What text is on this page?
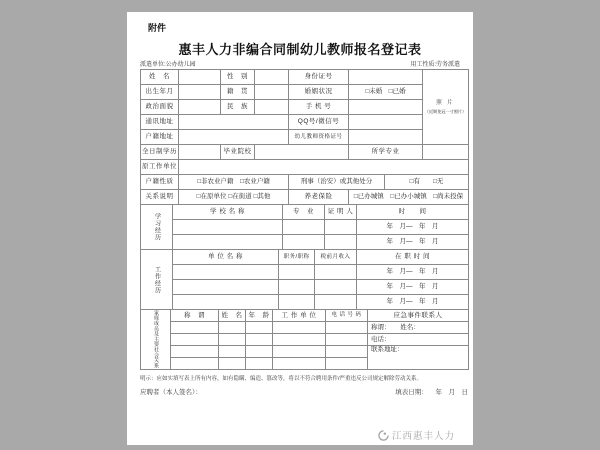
附件
惠丰人力非编合同制幼儿教师报名登记表
派遣单位:公办幼儿园	用工性质:劳务派遣
姓　名		性　别		身份证号			照 片
（近期免冠一寸照片）

出生年月		籍　贯		婚姻状况	□未婚　□已婚		
政治面貌		民　族		手 机 号			
通讯地址				QQ号/微信号			
户籍地址				幼儿教师资格证号			
全日制学历		毕业院校			所学专业		
原工作单位							
户籍性质	□非农业户籍　□农业户籍			刑事（治安）或其他处分		□有　　□无	
关系说明	□在原单位 □在街道 □其他			养老保险	□已办城镇　□已办小城镇　□尚未投保		
学习经历	学 校 名 称	专　业	证 明 人	时　　间
				年　月—　年　月
				年　月—　年　月
工作经历	单 位 名 称	职务/职称	税前月收入	在 职 时 间
				年　月—　年　月
				年　月—　年　月
				年　月—　年　月
家庭成员及主要社会关系	称　谓	姓　名	年　龄	工 作 单 位	电 话 号 码	应急事件联系人
						称谓：　　姓名：
						电话：
						联系地址：

明示：应如实填写表上所有内容，如有隐瞒、编造、篡改等，将以不符合聘用条件/严重违反公司规定解除劳动关系。
应聘者（本人签名）：	填表日期： 年　月　日
江西惠丰人力
